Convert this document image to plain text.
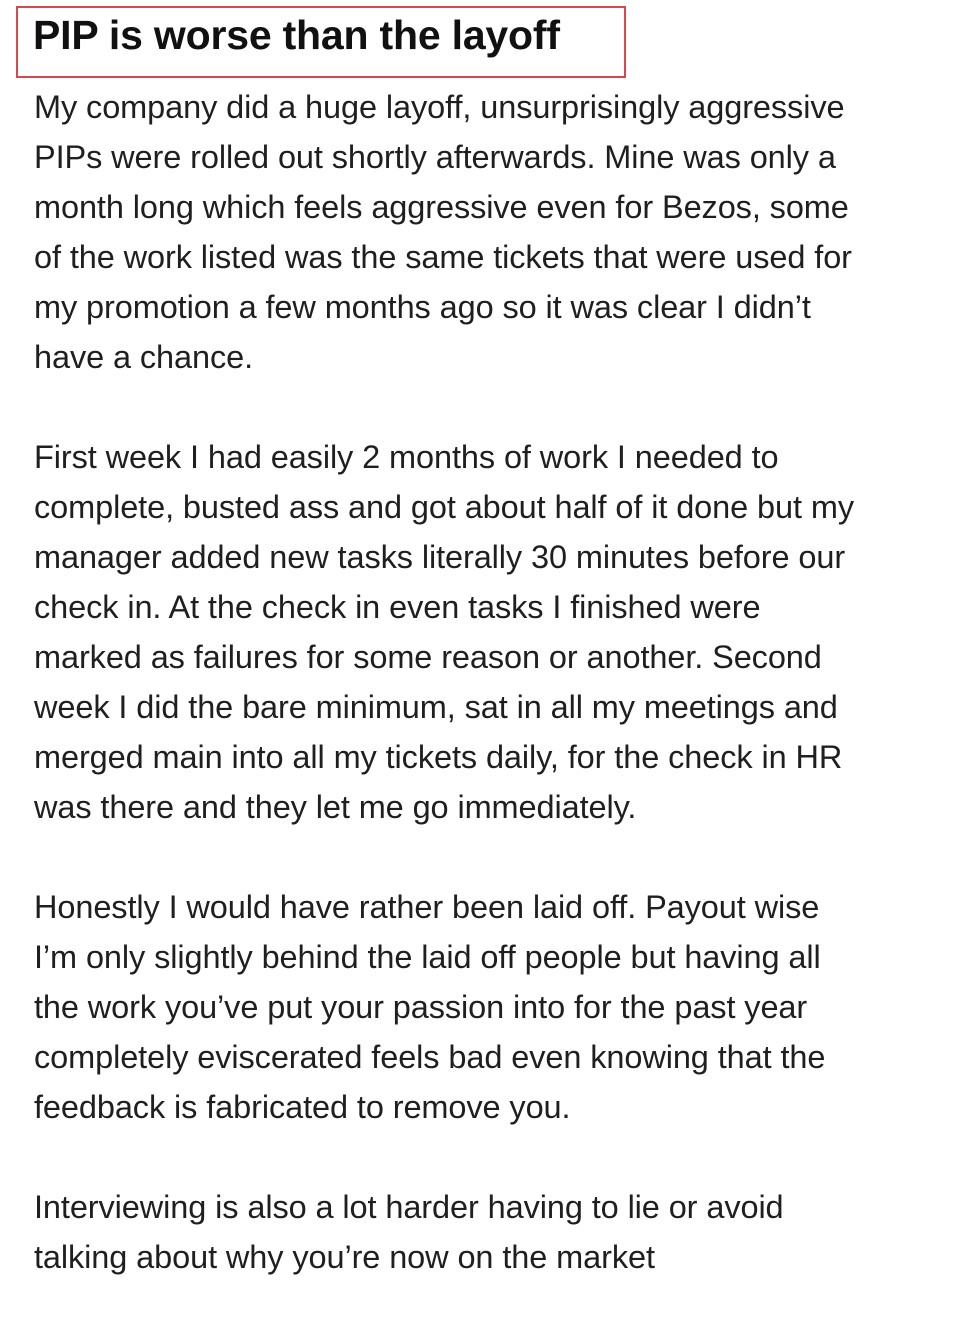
PIP is worse than the layoff

My company did a huge layoff, unsurprisingly aggressive
PIPs were rolled out shortly afterwards. Mine was only a
month long which feels aggressive even for Bezos, some
of the work listed was the same tickets that were used for
my promotion a few months ago so it was clear I didn’t
have a chance.

First week I had easily 2 months of work I needed to
complete, busted ass and got about half of it done but my
manager added new tasks literally 30 minutes before our
check in. At the check in even tasks I finished were
marked as failures for some reason or another. Second
week I did the bare minimum, sat in all my meetings and
merged main into all my tickets daily, for the check in HR
was there and they let me go immediately.

Honestly I would have rather been laid off. Payout wise
I’m only slightly behind the laid off people but having all
the work you’ve put your passion into for the past year
completely eviscerated feels bad even knowing that the
feedback is fabricated to remove you.

Interviewing is also a lot harder having to lie or avoid
talking about why you’re now on the market
